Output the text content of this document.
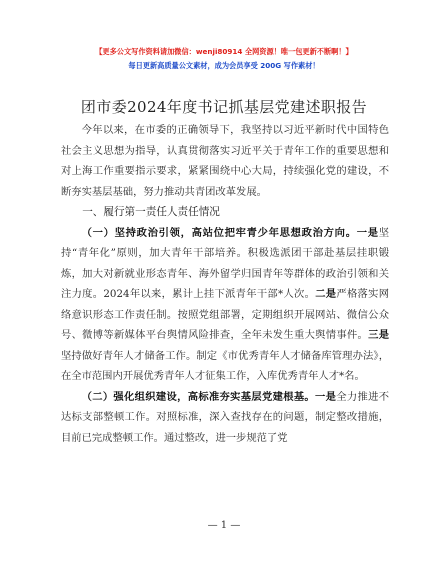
【更多公文写作资料请加微信：wenji80914 全网资源！唯一包更新不断啊！】
每日更新高质量公文素材，成为会员享受 200G 写作素材！
团市委2024年度书记抓基层党建述职报告

今年以来，在市委的正确领导下，我坚持以习近平新时代中国特色社会主义思想为指导，认真贯彻落实习近平关于青年工作的重要思想和对上海工作重要指示要求，紧紧围绕中心大局，持续强化党的建设，不断夯实基层基础，努力推动共青团改革发展。

一、履行第一责任人责任情况

（一）坚持政治引领，高站位把牢青少年思想政治方向。一是坚持“青年化”原则，加大青年干部培养。积极选派团干部赴基层挂职锻炼，加大对新就业形态青年、海外留学归国青年等群体的政治引领和关注力度。2024年以来，累计上挂下派青年干部*人次。二是严格落实网络意识形态工作责任制。按照党组部署，定期组织开展网站、微信公众号、微博等新媒体平台舆情风险排查，全年未发生重大舆情事件。三是坚持做好青年人才储备工作。制定《市优秀青年人才储备库管理办法》，在全市范围内开展优秀青年人才征集工作，入库优秀青年人才*名。

（二）强化组织建设，高标准夯实基层党建根基。一是全力推进不达标支部整顿工作。对照标准，深入查找存在的问题，制定整改措施，目前已完成整顿工作。通过整改，进一步规范了党

— 1 —
